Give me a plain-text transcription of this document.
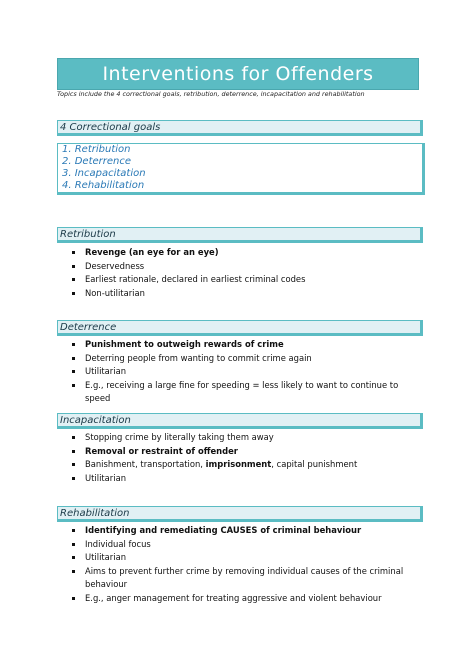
Interventions for Offenders
Topics include the 4 correctional goals, retribution, deterrence, incapacitation and rehabilitation
4 Correctional goals
1. Retribution
2. Deterrence
3. Incapacitation
4. Rehabilitation
Retribution
Revenge (an eye for an eye)
Deservedness
Earliest rationale, declared in earliest criminal codes
Non-utilitarian
Deterrence
Punishment to outweigh rewards of crime
Deterring people from wanting to commit crime again
Utilitarian
E.g., receiving a large fine for speeding = less likely to want to continue to speed
Incapacitation
Stopping crime by literally taking them away
Removal or restraint of offender
Banishment, transportation, imprisonment, capital punishment
Utilitarian
Rehabilitation
Identifying and remediating CAUSES of criminal behaviour
Individual focus
Utilitarian
Aims to prevent further crime by removing individual causes of the criminal behaviour
E.g., anger management for treating aggressive and violent behaviour
